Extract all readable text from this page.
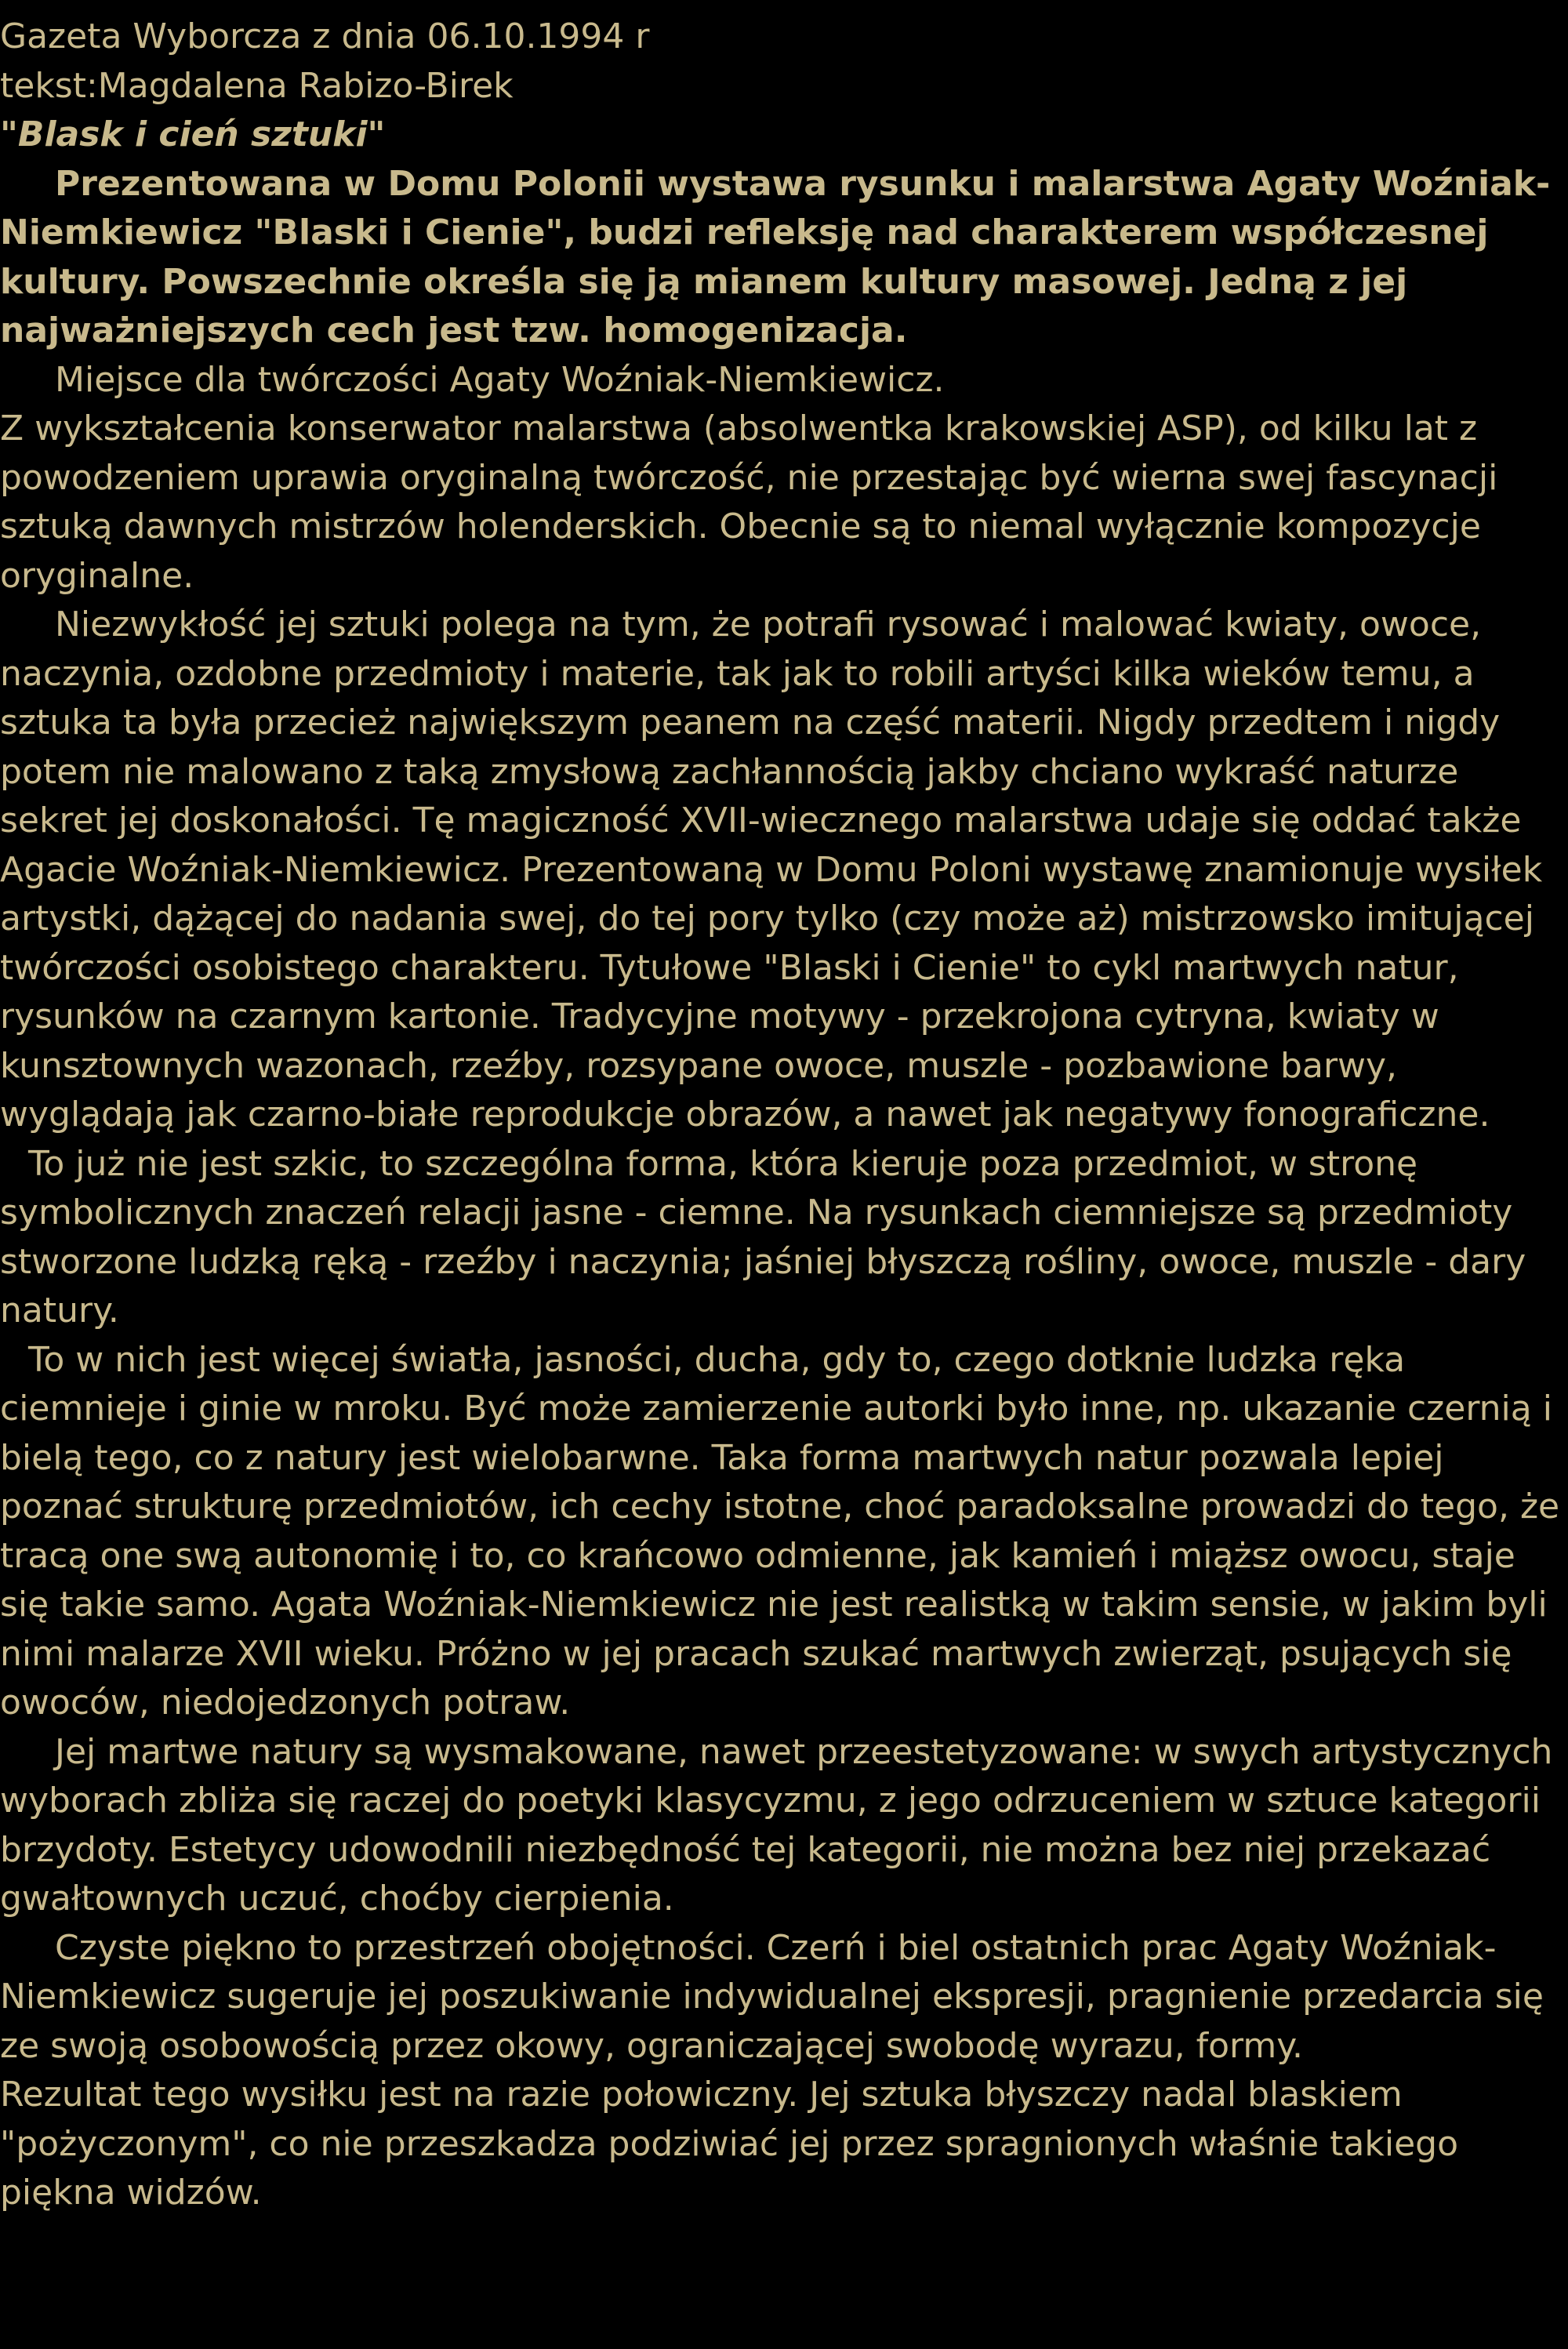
Gazeta Wyborcza z dnia 06.10.1994 r

tekst:Magdalena Rabizo-Birek

"Blask i cień sztuki"

Prezentowana w Domu Polonii wystawa rysunku i malarstwa Agaty Woźniak-Niemkiewicz "Blaski i Cienie", budzi refleksję nad charakterem współczesnej kultury. Powszechnie określa się ją mianem kultury masowej. Jedną z jej najważniejszych cech jest tzw. homogenizacja.

Miejsce dla twórczości Agaty Woźniak-Niemkiewicz.

Z wykształcenia konserwator malarstwa (absolwentka krakowskiej ASP), od kilku lat z powodzeniem uprawia oryginalną twórczość, nie przestając być wierna swej fascynacji sztuką dawnych mistrzów holenderskich. Obecnie są to niemal wyłącznie kompozycje oryginalne.

Niezwykłość jej sztuki polega na tym, że potrafi rysować i malować kwiaty, owoce, naczynia, ozdobne przedmioty i materie, tak jak to robili artyści kilka wieków temu, a sztuka ta była przecież największym peanem na część materii. Nigdy przedtem i nigdy potem nie malowano z taką zmysłową zachłannością jakby chciano wykraść naturze sekret jej doskonałości. Tę magiczność XVII-wiecznego malarstwa udaje się oddać także Agacie Woźniak-Niemkiewicz. Prezentowaną w Domu Poloni wystawę znamionuje wysiłek artystki, dążącej do nadania swej, do tej pory tylko (czy może aż) mistrzowsko imitującej twórczości osobistego charakteru. Tytułowe "Blaski i Cienie" to cykl martwych natur, rysunków na czarnym kartonie. Tradycyjne motywy - przekrojona cytryna, kwiaty w kunsztownych wazonach, rzeźby, rozsypane owoce, muszle - pozbawione barwy, wyglądają jak czarno-białe reprodukcje obrazów, a nawet jak negatywy fonograficzne.

To już nie jest szkic, to szczególna forma, która kieruje poza przedmiot, w stronę symbolicznych znaczeń relacji jasne - ciemne. Na rysunkach ciemniejsze są przedmioty stworzone ludzką ręką - rzeźby i naczynia; jaśniej błyszczą rośliny, owoce, muszle - dary natury.

To w nich jest więcej światła, jasności, ducha, gdy to, czego dotknie ludzka ręka ciemnieje i ginie w mroku. Być może zamierzenie autorki było inne, np. ukazanie czernią i bielą tego, co z natury jest wielobarwne. Taka forma martwych natur pozwala lepiej poznać strukturę przedmiotów, ich cechy istotne, choć paradoksalne prowadzi do tego, że tracą one swą autonomię i to, co krańcowo odmienne, jak kamień i miąższ owocu, staje się takie samo. Agata Woźniak-Niemkiewicz nie jest realistką w takim sensie, w jakim byli nimi malarze XVII wieku. Próżno w jej pracach szukać martwych zwierząt, psujących się owoców, niedojedzonych potraw.

Jej martwe natury są wysmakowane, nawet przeestetyzowane: w swych artystycznych wyborach zbliża się raczej do poetyki klasycyzmu, z jego odrzuceniem w sztuce kategorii brzydoty. Estetycy udowodnili niezbędność tej kategorii, nie można bez niej przekazać gwałtownych uczuć, choćby cierpienia.

Czyste piękno to przestrzeń obojętności. Czerń i biel ostatnich prac Agaty Woźniak-Niemkiewicz sugeruje jej poszukiwanie indywidualnej ekspresji, pragnienie przedarcia się ze swoją osobowością przez okowy, ograniczającej swobodę wyrazu, formy.

Rezultat tego wysiłku jest na razie połowiczny. Jej sztuka błyszczy nadal blaskiem "pożyczonym", co nie przeszkadza podziwiać jej przez spragnionych właśnie takiego piękna widzów.
